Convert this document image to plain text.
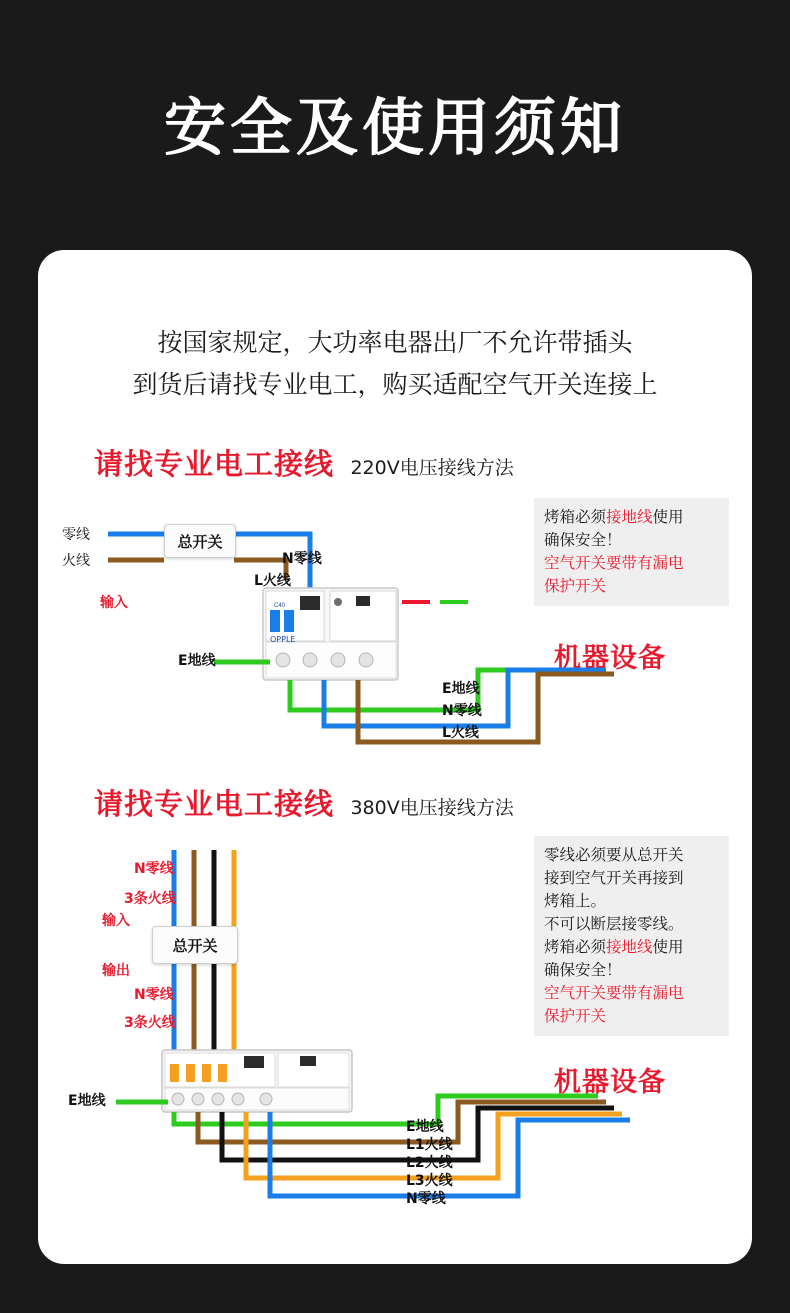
安全及使用须知
按国家规定，大功率电器出厂不允许带插头
到货后请找专业电工，购买适配空气开关连接上
请找专业电工接线 220V电压接线方法
烤箱必须接地线使用
确保安全！
空气开关要带有漏电
保护开关
机器设备
C40
总开关
零线
火线
输入
N零线
L火线
E地线
E地线
N零线
L火线
OPPLE
请找专业电工接线 380V电压接线方法
零线必须要从总开关
接到空气开关再接到
烤箱上。
不可以断层接零线。
烤箱必须接地线使用
确保安全！
空气开关要带有漏电
保护开关
机器设备
总开关
N零线
3条火线
输入
输出
N零线
3条火线
E地线
E地线
L1火线
L2火线
L3火线
N零线
